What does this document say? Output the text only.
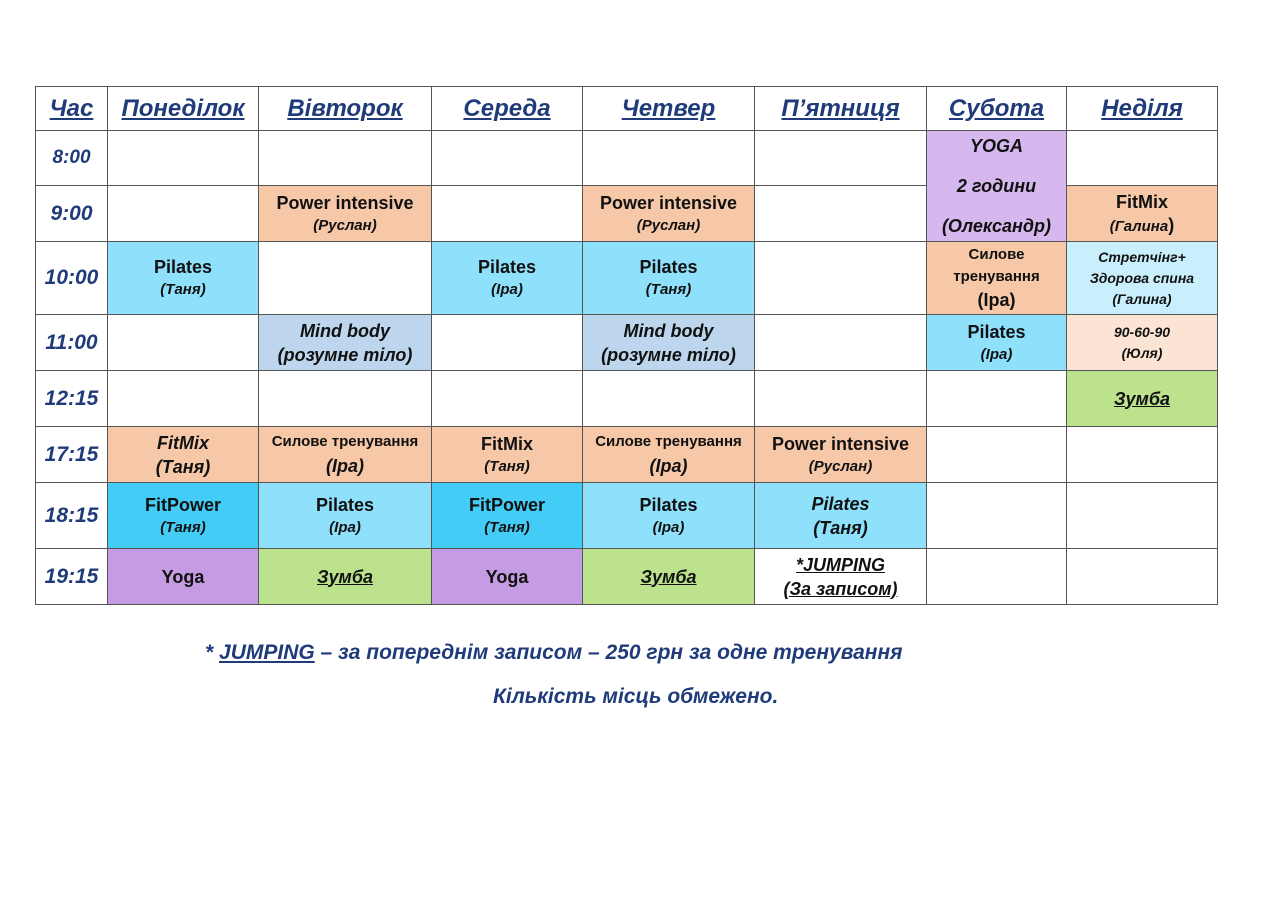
Час	Понеділок	Вівторок	Середа	Четвер	П’ятниця	Субота	Неділя
8:00						YOGA
2 години
(Олександр)	

9:00		Power intensive
(Руслан)		Power intensive
(Руслан)			FitMix
(Галина)

10:00	Pilates
(Таня)		Pilates
(Іра)	Pilates
(Таня)		Силове
тренування
(Іра)	Стретчінг+
Здорова спина
(Галина)

11:00		Mind body
(розумне тіло)		Mind body
(розумне тіло)		Pilates
(Іра)	90-60-90
(Юля)

12:15							Зумба

17:15	FitMix
(Таня)	Силове тренування
(Іра)	FitMix
(Таня)	Силове тренування
(Іра)	Power intensive
(Руслан)		

18:15	FitPower
(Таня)	Pilates
(Іра)	FitPower
(Таня)	Pilates
(Іра)	Pilates
(Таня)		

19:15	Yoga	Зумба	Yoga	Зумба	*JUMPING
(За записом)		

* JUMPING – за попереднім записом – 250 грн за одне тренування
Кількість місць обмежено.
